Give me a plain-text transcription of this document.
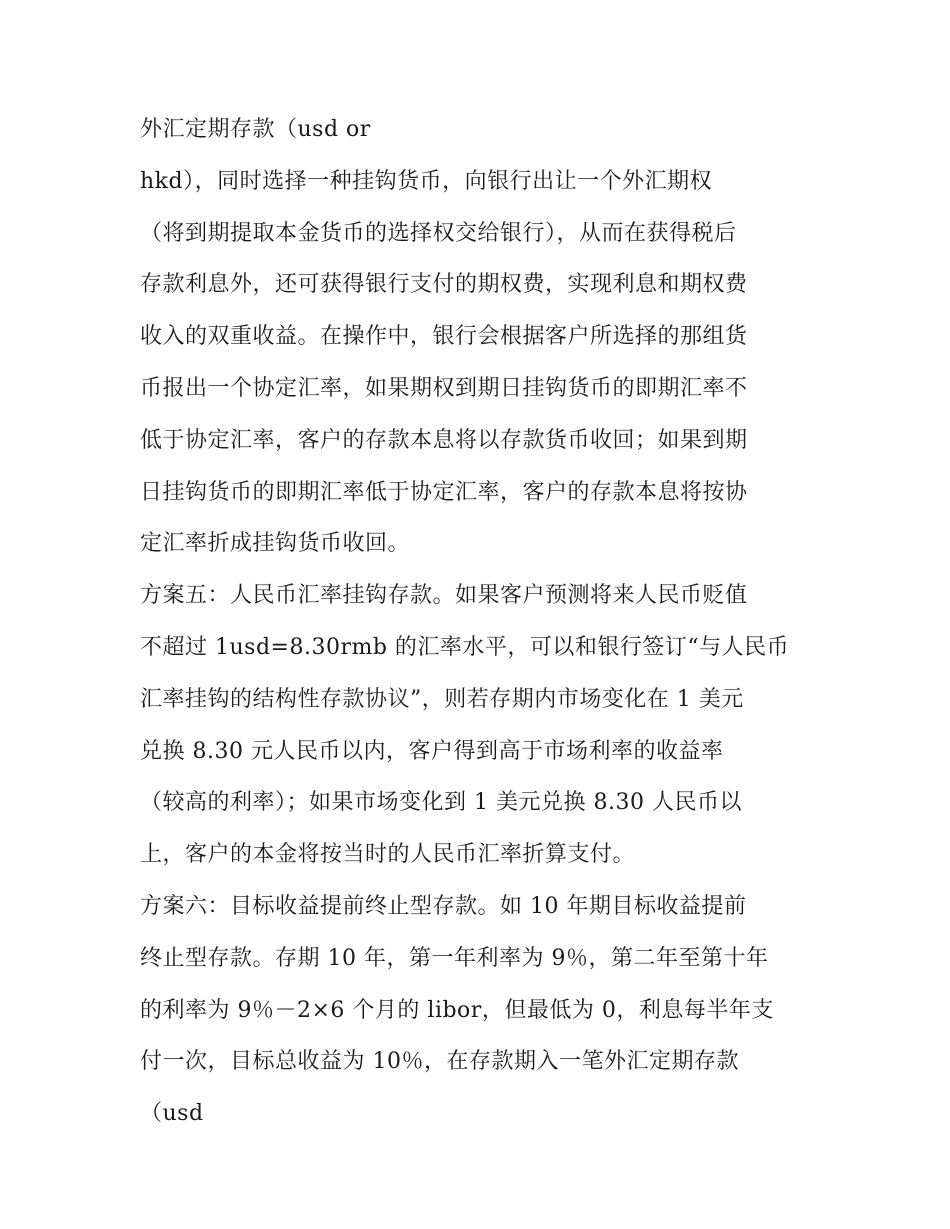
外汇定期存款（usd or
hkd），同时选择一种挂钩货币，向银行出让一个外汇期权
（将到期提取本金货币的选择权交给银行），从而在获得税后
存款利息外，还可获得银行支付的期权费，实现利息和期权费
收入的双重收益。在操作中，银行会根据客户所选择的那组货
币报出一个协定汇率，如果期权到期日挂钩货币的即期汇率不
低于协定汇率，客户的存款本息将以存款货币收回；如果到期
日挂钩货币的即期汇率低于协定汇率，客户的存款本息将按协
定汇率折成挂钩货币收回。
方案五：人民币汇率挂钩存款。如果客户预测将来人民币贬值
不超过 1usd=8.30rmb 的汇率水平，可以和银行签订“与人民币
汇率挂钩的结构性存款协议”，则若存期内市场变化在 1 美元
兑换 8.30 元人民币以内，客户得到高于市场利率的收益率
（较高的利率）；如果市场变化到 1 美元兑换 8.30 人民币以
上，客户的本金将按当时的人民币汇率折算支付。
方案六：目标收益提前终止型存款。如 10 年期目标收益提前
终止型存款。存期 10 年，第一年利率为 9％，第二年至第十年
的利率为 9％－2×6 个月的 libor，但最低为 0，利息每半年支
付一次，目标总收益为 10％，在存款期入一笔外汇定期存款
（usd
